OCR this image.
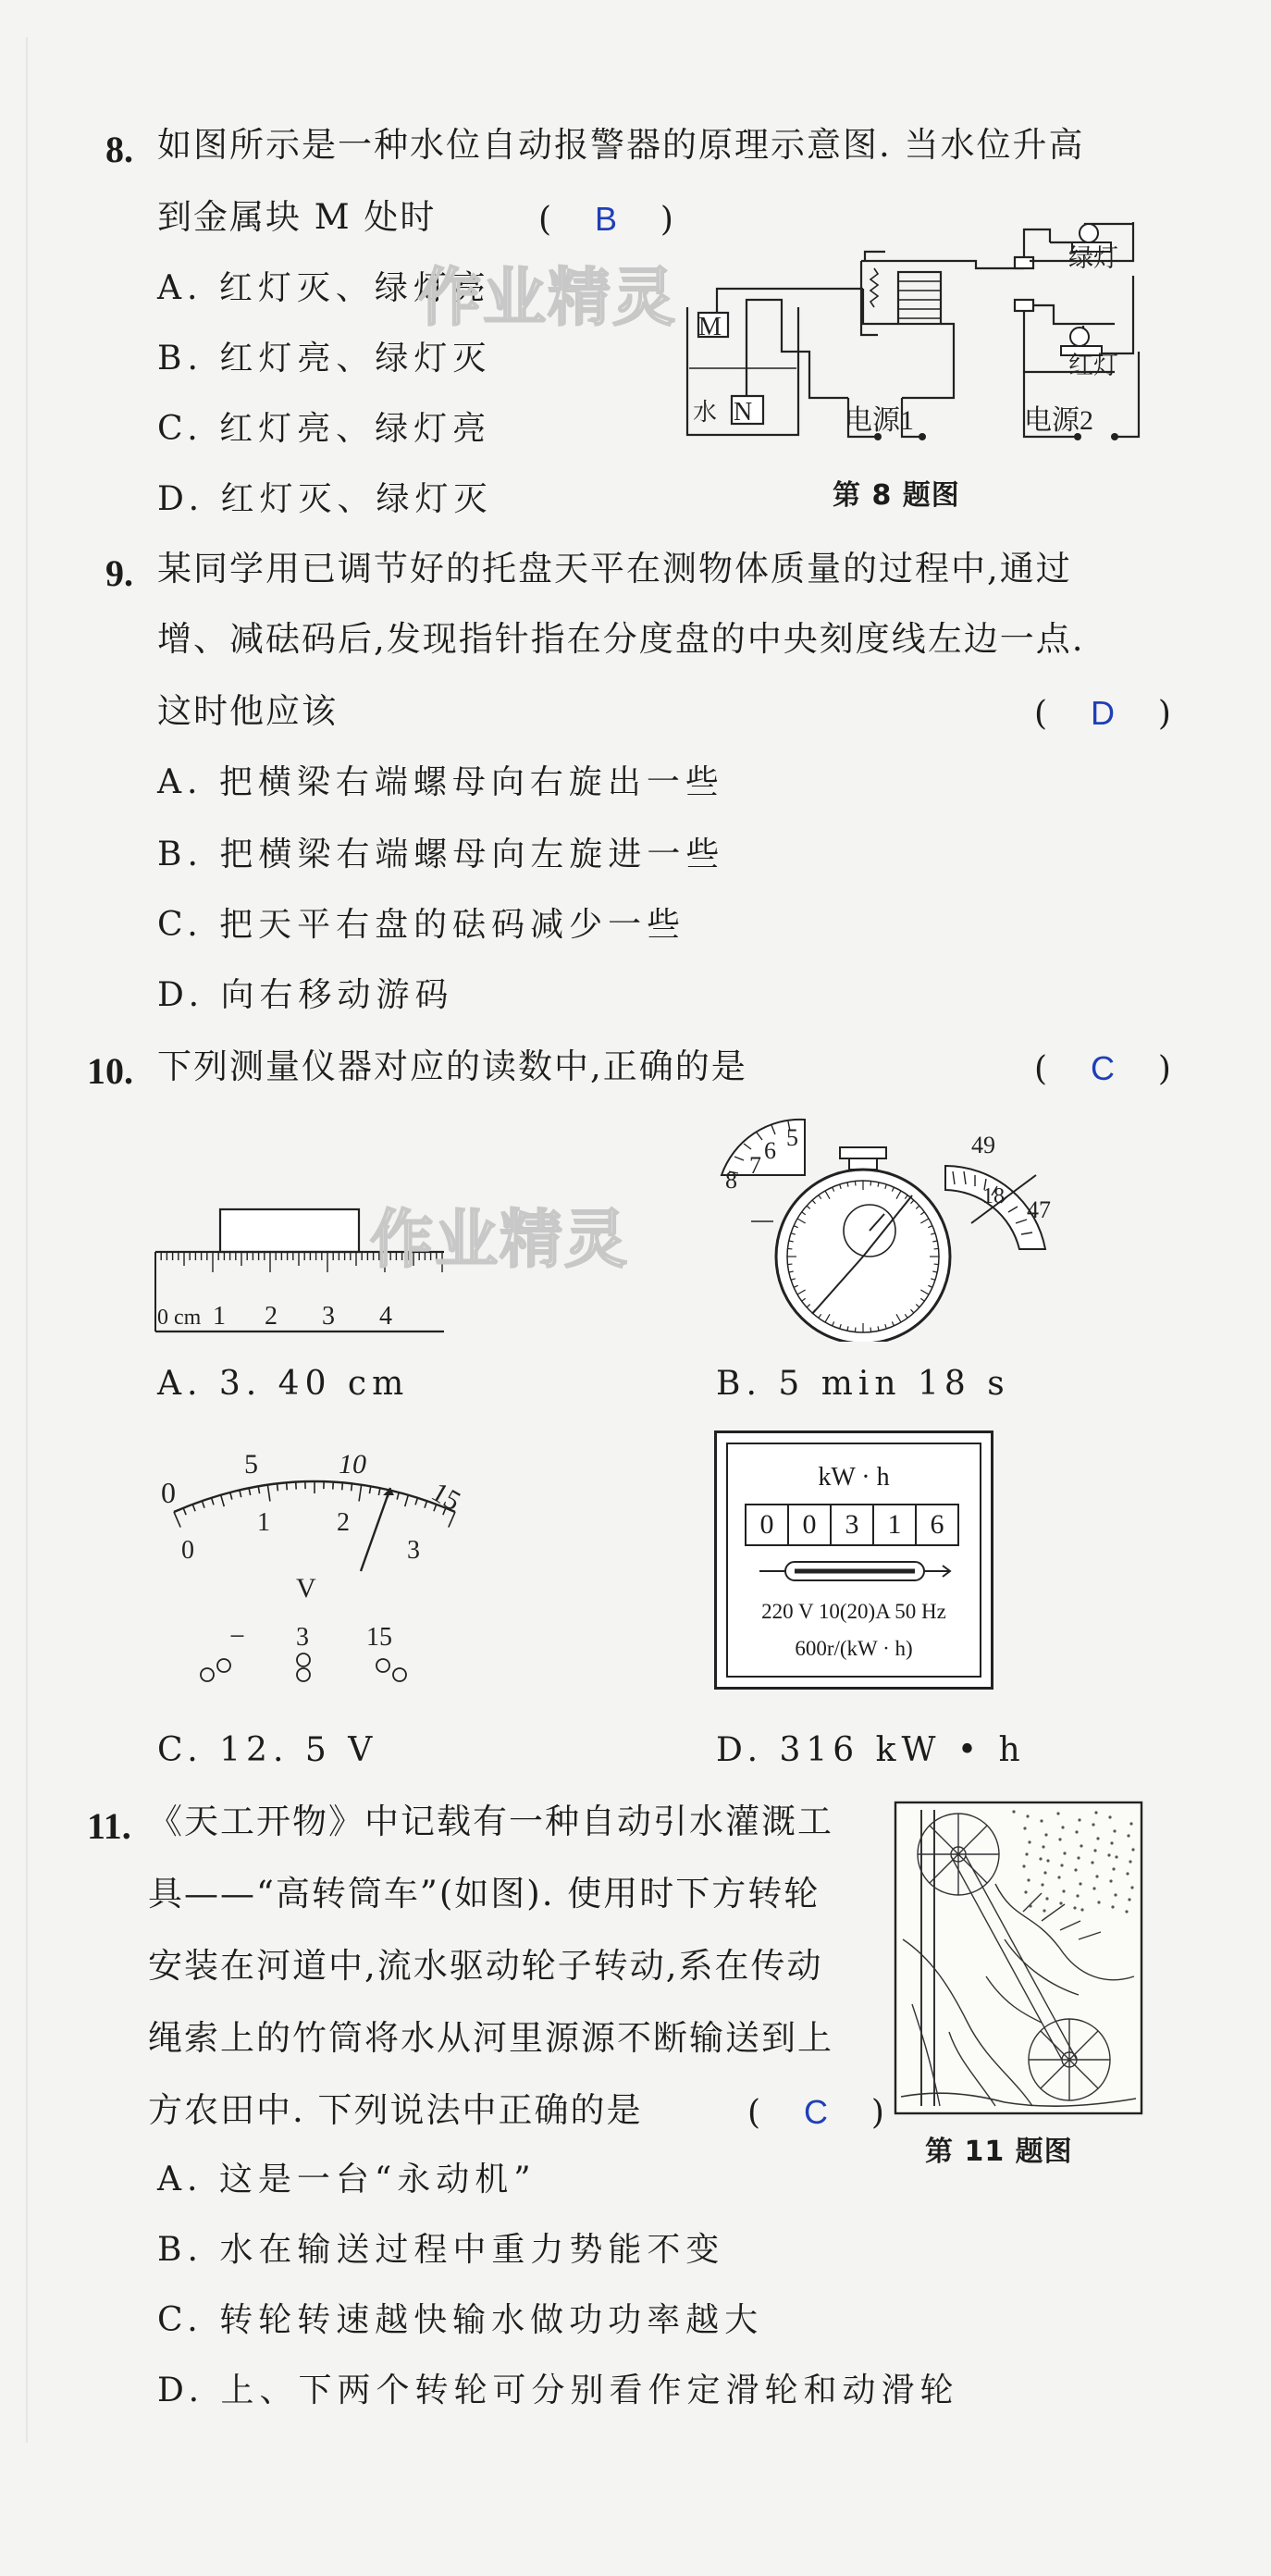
8. 如图所示是一种水位自动报警器的原理示意图. 当水位升高
到金属块 M 处时	(  B  )
A. 红灯灭、绿灯亮
B. 红灯亮、绿灯灭
C. 红灯亮、绿灯亮
D. 红灯灭、绿灯灭
M
N
水
绿灯
红灯
电源1	电源2
第 8 题图
作业精灵
9. 某同学用已调节好的托盘天平在测物体质量的过程中,通过
增、减砝码后,发现指针指在分度盘的中央刻度线左边一点.
这时他应该	(  D  )
A. 把横梁右端螺母向右旋出一些
B. 把横梁右端螺母向左旋进一些
C. 把天平右盘的砝码减少一些
D. 向右移动游码
10. 下列测量仪器对应的读数中,正确的是	(  C  )
0 cm 1 2 3 4
作业精灵
8
7
6 5	49
18 47
A. 3. 40 cm	B. 5 min 18 s
0
5	10
15
0
1	2
3
V
− 3 15
kW · h
0	0	3	1	6
220 V 10(20)A 50 Hz
600r/(kW · h)
C. 12. 5 V	D. 316 kW • h
11. 《天工开物》中记载有一种自动引水灌溉工
具——“高转筒车”(如图). 使用时下方转轮
安装在河道中,流水驱动轮子转动,系在传动
绳索上的竹筒将水从河里源源不断输送到上
方农田中. 下列说法中正确的是	(  C  )
第 11 题图
A. 这是一台“永动机”
B. 水在输送过程中重力势能不变
C. 转轮转速越快输水做功功率越大
D. 上、下两个转轮可分别看作定滑轮和动滑轮
